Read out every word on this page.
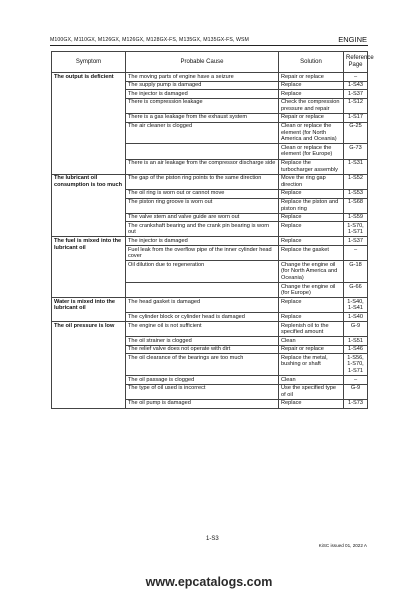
M100GX, M110GX, M126GX, M126GX, M128GX-FS, M135GX, M135GX-FS, WSM	ENGINE
Symptom	Probable Cause	Solution	Reference Page
The output is deficient	The moving parts of engine have a seizure	Repair or replace	–
	The supply pump is damaged	Replace	1-S43
	The injector is damaged	Replace	1-S37
	There is compression leakage	Check the compression pressure and repair	1-S12
	There is a gas leakage from the exhaust system	Repair or replace	1-S17
	The air cleaner is clogged	Clean or replace the element (for North America and Oceania)	G-25
		Clean or replace the element (for Europe)	G-73
	There is an air leakage from the compressor discharge side	Replace the turbocharger assembly	1-S31
The lubricant oil consumption is too much	The gap of the piston ring points to the same direction	Move the ring gap direction	1-S52
	The oil ring is worn out or cannot move	Replace	1-S53
	The piston ring groove is worn out	Replace the piston and piston ring	1-S68
	The valve stem and valve guide are worn out	Replace	1-S59
	The crankshaft bearing and the crank pin bearing is worn out	Replace	1-S70, 1-S71
The fuel is mixed into the lubricant oil	The injector is damaged	Replace	1-S37
	Fuel leak from the overflow pipe of the inner cylinder head cover	Replace the gasket	–
	Oil dilution due to regeneration	Change the engine oil (for North America and Oceania)	G-18
		Change the engine oil (for Europe)	G-66
Water is mixed into the lubricant oil	The head gasket is damaged	Replace	1-S40, 1-S41
	The cylinder block or cylinder head is damaged	Replace	1-S40
The oil pressure is low	The engine oil is not sufficient	Replenish oil to the specified amount	G-9
	The oil strainer is clogged	Clean	1-S51
	The relief valve does not operate with dirt	Repair or replace	1-S46
	The oil clearance of the bearings are too much	Replace the metal, bushing or shaft	1-S56, 1-S70, 1-S71
	The oil passage is clogged	Clean	–
	The type of oil used is incorrect	Use the specified type of oil	G-9
	The oil pump is damaged	Replace	1-S73
1-S3
KiSC issued 01, 2022 A
www.epcatalogs.com
